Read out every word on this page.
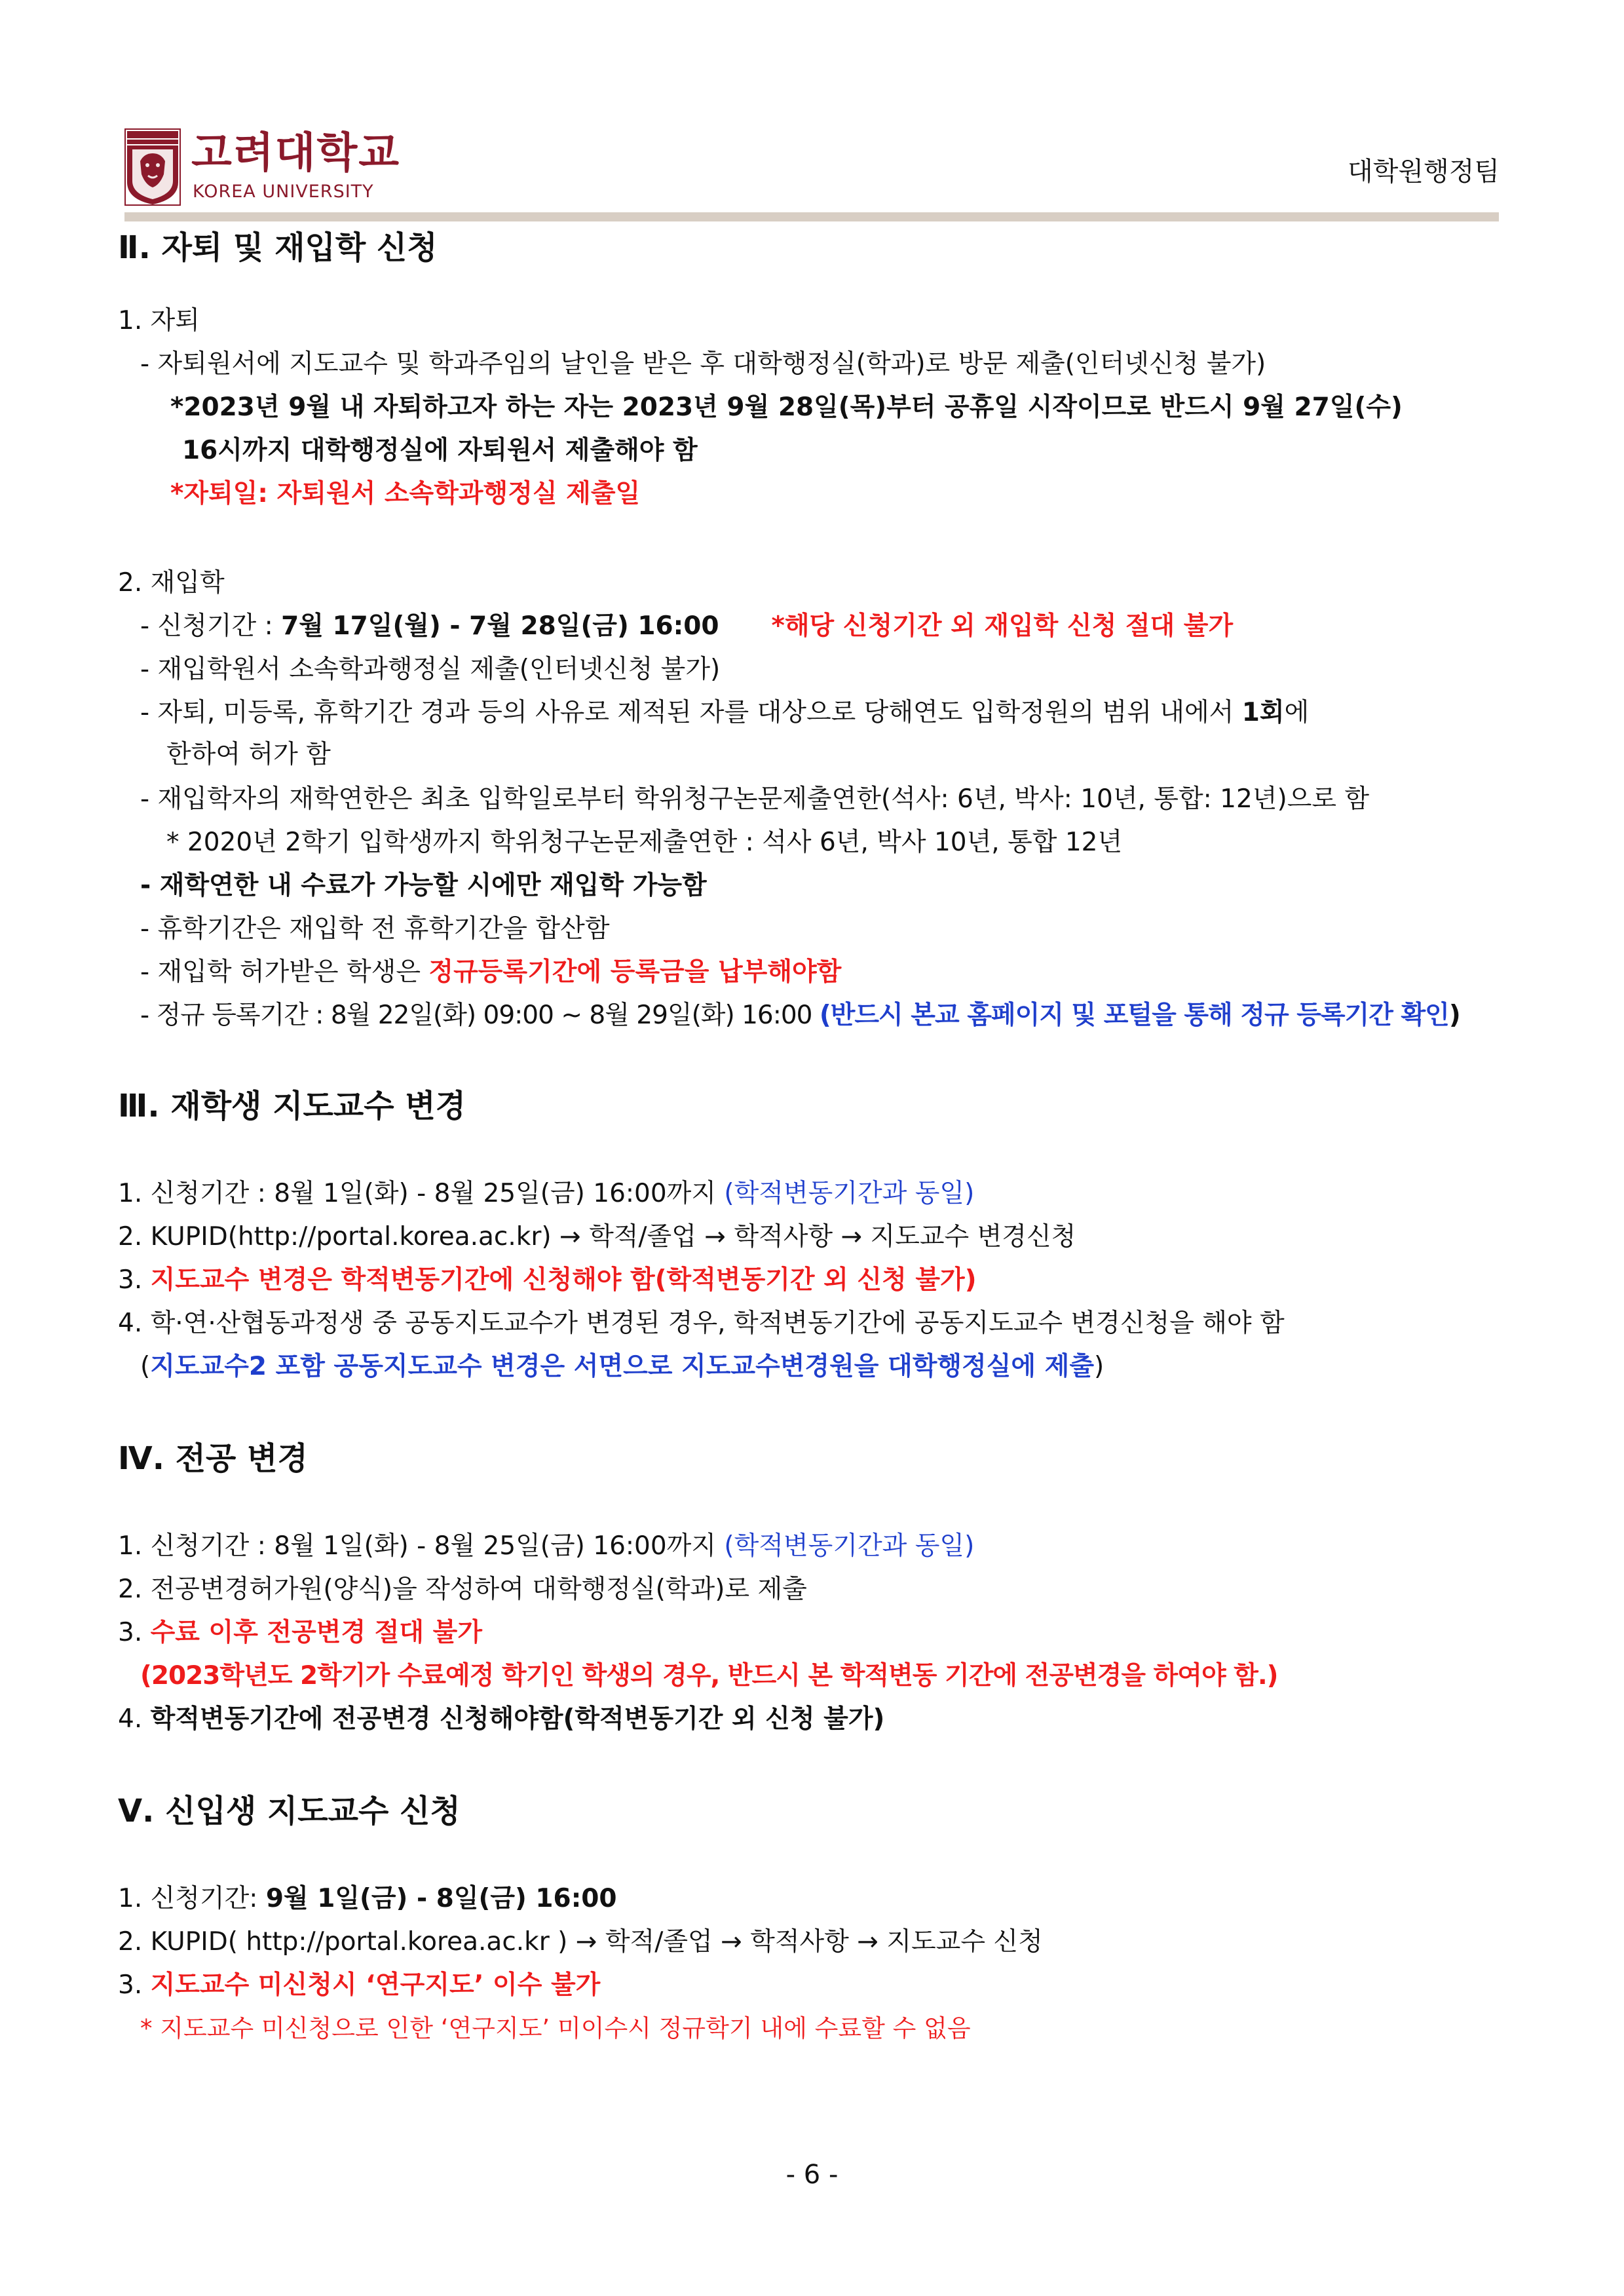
고려대학교
KOREA UNIVERSITY
대학원행정팀
Ⅱ. 자퇴 및 재입학 신청
1. 자퇴
- 자퇴원서에 지도교수 및 학과주임의 날인을 받은 후 대학행정실(학과)로 방문 제출(인터넷신청 불가)
*2023년 9월 내 자퇴하고자 하는 자는 2023년 9월 28일(목)부터 공휴일 시작이므로 반드시 9월 27일(수)
16시까지 대학행정실에 자퇴원서 제출해야 함
*자퇴일: 자퇴원서 소속학과행정실 제출일
2. 재입학
- 신청기간 : 7월 17일(월) - 7월 28일(금) 16:00 *해당 신청기간 외 재입학 신청 절대 불가
- 재입학원서 소속학과행정실 제출(인터넷신청 불가)
- 자퇴, 미등록, 휴학기간 경과 등의 사유로 제적된 자를 대상으로 당해연도 입학정원의 범위 내에서 1회에
한하여 허가 함
- 재입학자의 재학연한은 최초 입학일로부터 학위청구논문제출연한(석사: 6년, 박사: 10년, 통합: 12년)으로 함
* 2020년 2학기 입학생까지 학위청구논문제출연한 : 석사 6년, 박사 10년, 통합 12년
- 재학연한 내 수료가 가능할 시에만 재입학 가능함
- 휴학기간은 재입학 전 휴학기간을 합산함
- 재입학 허가받은 학생은 정규등록기간에 등록금을 납부해야함
- 정규 등록기간 : 8월 22일(화) 09:00 ~ 8월 29일(화) 16:00 (반드시 본교 홈페이지 및 포털을 통해 정규 등록기간 확인)
Ⅲ. 재학생 지도교수 변경
1. 신청기간 : 8월 1일(화) - 8월 25일(금) 16:00까지 (학적변동기간과 동일)
2. KUPID(http://portal.korea.ac.kr) → 학적/졸업 → 학적사항 → 지도교수 변경신청
3. 지도교수 변경은 학적변동기간에 신청해야 함(학적변동기간 외 신청 불가)
4. 학·연·산협동과정생 중 공동지도교수가 변경된 경우, 학적변동기간에 공동지도교수 변경신청을 해야 함
(지도교수2 포함 공동지도교수 변경은 서면으로 지도교수변경원을 대학행정실에 제출)
Ⅳ. 전공 변경
1. 신청기간 : 8월 1일(화) - 8월 25일(금) 16:00까지 (학적변동기간과 동일)
2. 전공변경허가원(양식)을 작성하여 대학행정실(학과)로 제출
3. 수료 이후 전공변경 절대 불가
(2023학년도 2학기가 수료예정 학기인 학생의 경우, 반드시 본 학적변동 기간에 전공변경을 하여야 함.)
4. 학적변동기간에 전공변경 신청해야함(학적변동기간 외 신청 불가)
Ⅴ. 신입생 지도교수 신청
1. 신청기간: 9월 1일(금) - 8일(금) 16:00
2. KUPID( http://portal.korea.ac.kr ) → 학적/졸업 → 학적사항 → 지도교수 신청
3. 지도교수 미신청시 ‘연구지도’ 이수 불가
* 지도교수 미신청으로 인한 ‘연구지도’ 미이수시 정규학기 내에 수료할 수 없음
- 6 -
